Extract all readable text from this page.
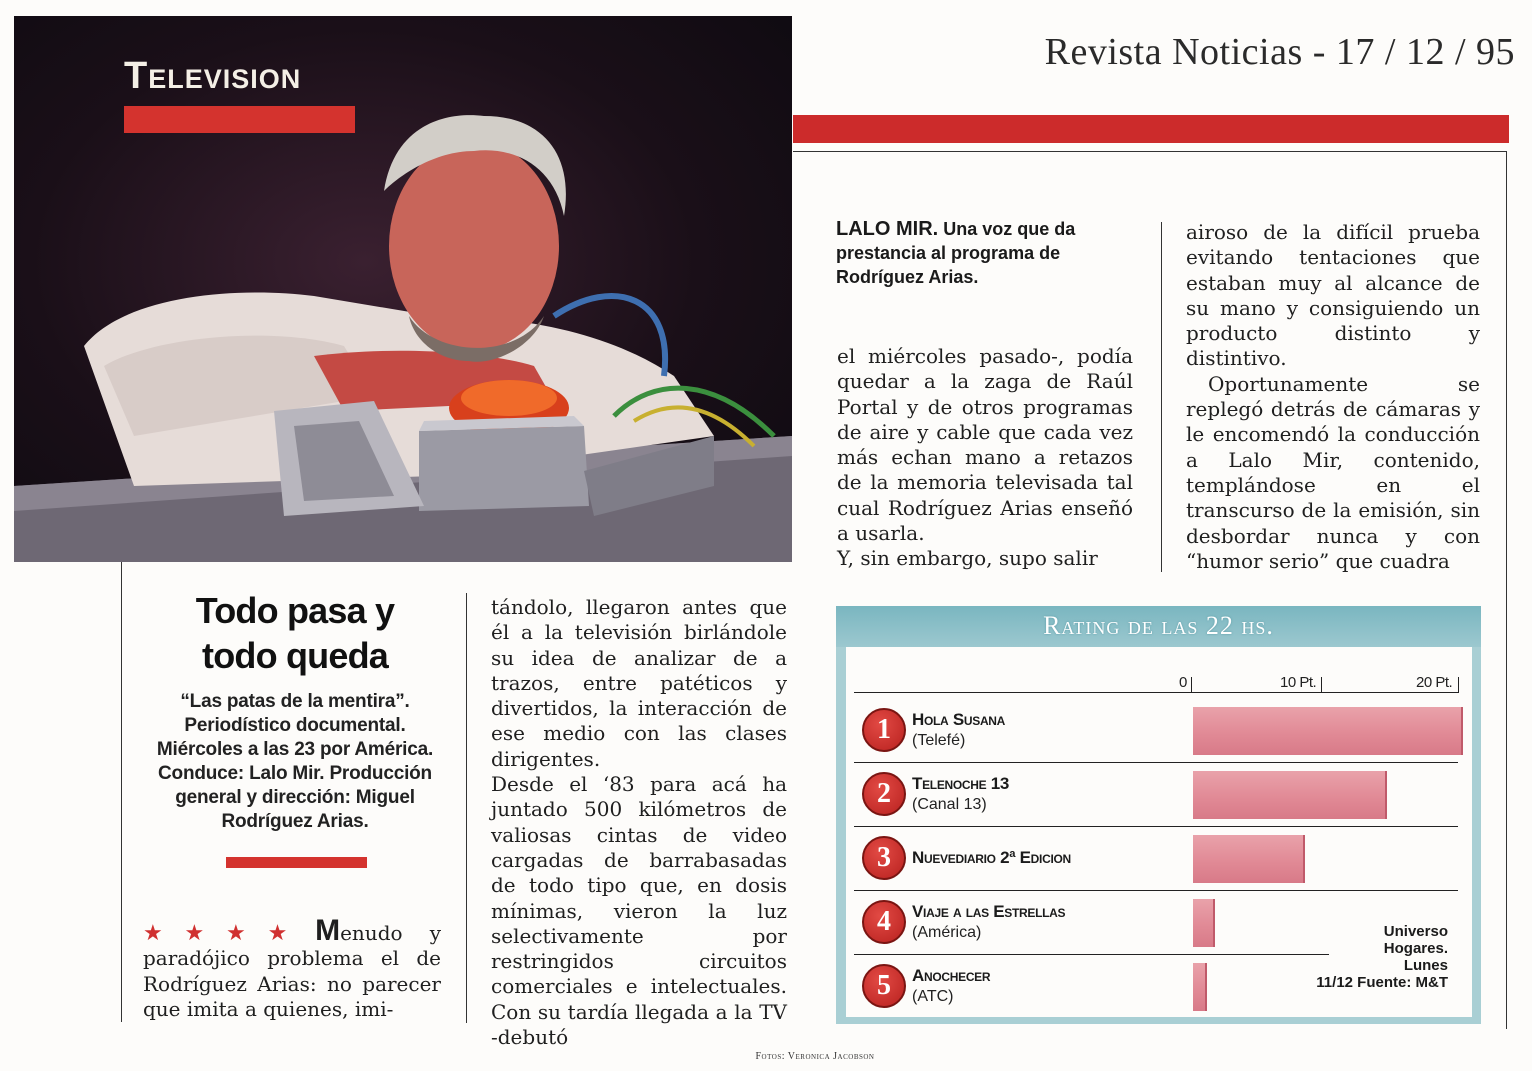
Revista Noticias - 17 / 12 / 95
Television
Todo pasa y
todo queda
“Las patas de la mentira”.
Periodístico documental.
Miércoles a las 23 por América.
Conduce: Lalo Mir. Producción
general y dirección: Miguel
Rodríguez Arias.

★★★★ Menudo y paradójico problema el de Rodríguez Arias: no parecer que imita a quienes, imi-

tándolo, llegaron antes que él a la televisión birlándole su idea de analizar de a trazos, entre patéticos y divertidos, la interacción de ese medio con las clases dirigentes.

Desde el ‘83 para acá ha juntado 500 kilómetros de valiosas cintas de video cargadas de barrabasadas de todo tipo que, en dosis mínimas, vieron la luz selectivamente por restringidos circuitos comerciales e intelectuales. Con su tardía llegada a la TV -debutó

LALO MIR. Una voz que da prestancia al programa de Rodríguez Arias.

el miércoles pasado-, podía quedar a la zaga de Raúl Portal y de otros programas de aire y cable que cada vez más echan mano a retazos de la memoria televisada tal cual Rodríguez Arias enseñó a usarla.

Y, sin embargo, supo salir

airoso de la difícil prueba evitando tentaciones que estaban muy al alcance de su mano y consiguiendo un producto distinto y distintivo.

Oportunamente se replegó detrás de cámaras y le encomendó la conducción a Lalo Mir, contenido, templándose en el transcurso de la emisión, sin desbordar nunca y con “humor serio” que cuadra

Rating de las 22 hs.
0	10 Pt.	20 Pt.
1	Hola Susana
(Telefé)
2	Telenoche 13
(Canal 13)
3	Nuevediario 2ª Edicion
4	Viaje a las Estrellas
(América)
5	Anochecer
(ATC)
Universo
Hogares.
Lunes
11/12 Fuente: M&T
Fotos: Veronica Jacobson
